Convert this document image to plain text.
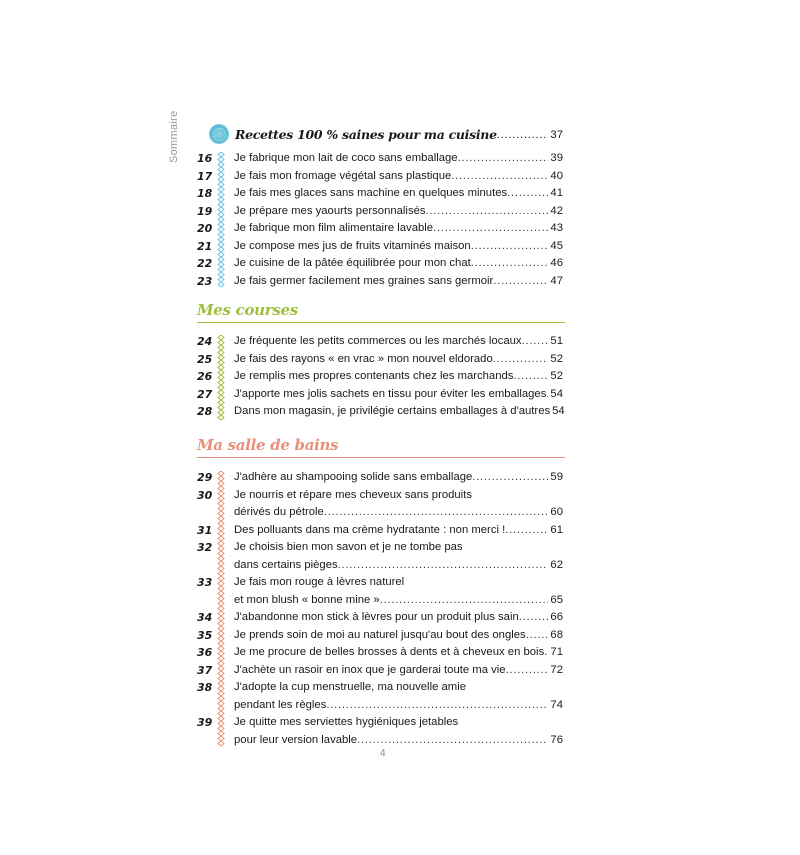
Sommaire	Recettes 100 % saines pour ma cuisine . . .	37
16	Je fabrique mon lait de coco sans emballage . . .	39
17	Je fais mon fromage végétal sans plastique . . .	40
18	Je fais mes glaces sans machine en quelques minutes . . .	41
19	Je prépare mes yaourts personnalisés . . .	42
20	Je fabrique mon film alimentaire lavable . . .	43
21	Je compose mes jus de fruits vitaminés maison . . .	45
22	Je cuisine de la pâtée équilibrée pour mon chat . . .	46
23	Je fais germer facilement mes graines sans germoir . . .	47
Mes courses
24	Je fréquente les petits commerces ou les marchés locaux . . .	51
25	Je fais des rayons « en vrac » mon nouvel eldorado . . .	52
26	Je remplis mes propres contenants chez les marchands . . .	52
27	J'apporte mes jolis sachets en tissu pour éviter les emballages . . . 54
28	Dans mon magasin, je privilégie certains emballages à d'autres 54
Ma salle de bains
29	J'adhère au shampooing solide sans emballage . . .	59
30	Je nourris et répare mes cheveux sans produits
dérivés du pétrole . . .	60
31	Des polluants dans ma crème hydratante : non merci ! . . .	61
32	Je choisis bien mon savon et je ne tombe pas
dans certains pièges . . .	62
33	Je fais mon rouge à lèvres naturel
et mon blush « bonne mine » . . .	65
34	J'abandonne mon stick à lèvres pour un produit plus sain . . .	66
35	Je prends soin de moi au naturel jusqu'au bout des ongles . . . 68
36	Je me procure de belles brosses à dents et à cheveux en bois . . . 71
37	J'achète un rasoir en inox que je garderai toute ma vie . . .	72
38	J'adopte la cup menstruelle, ma nouvelle amie
pendant les règles . . .	74
39	Je quitte mes serviettes hygiéniques jetables
pour leur version lavable . . .	76
4
